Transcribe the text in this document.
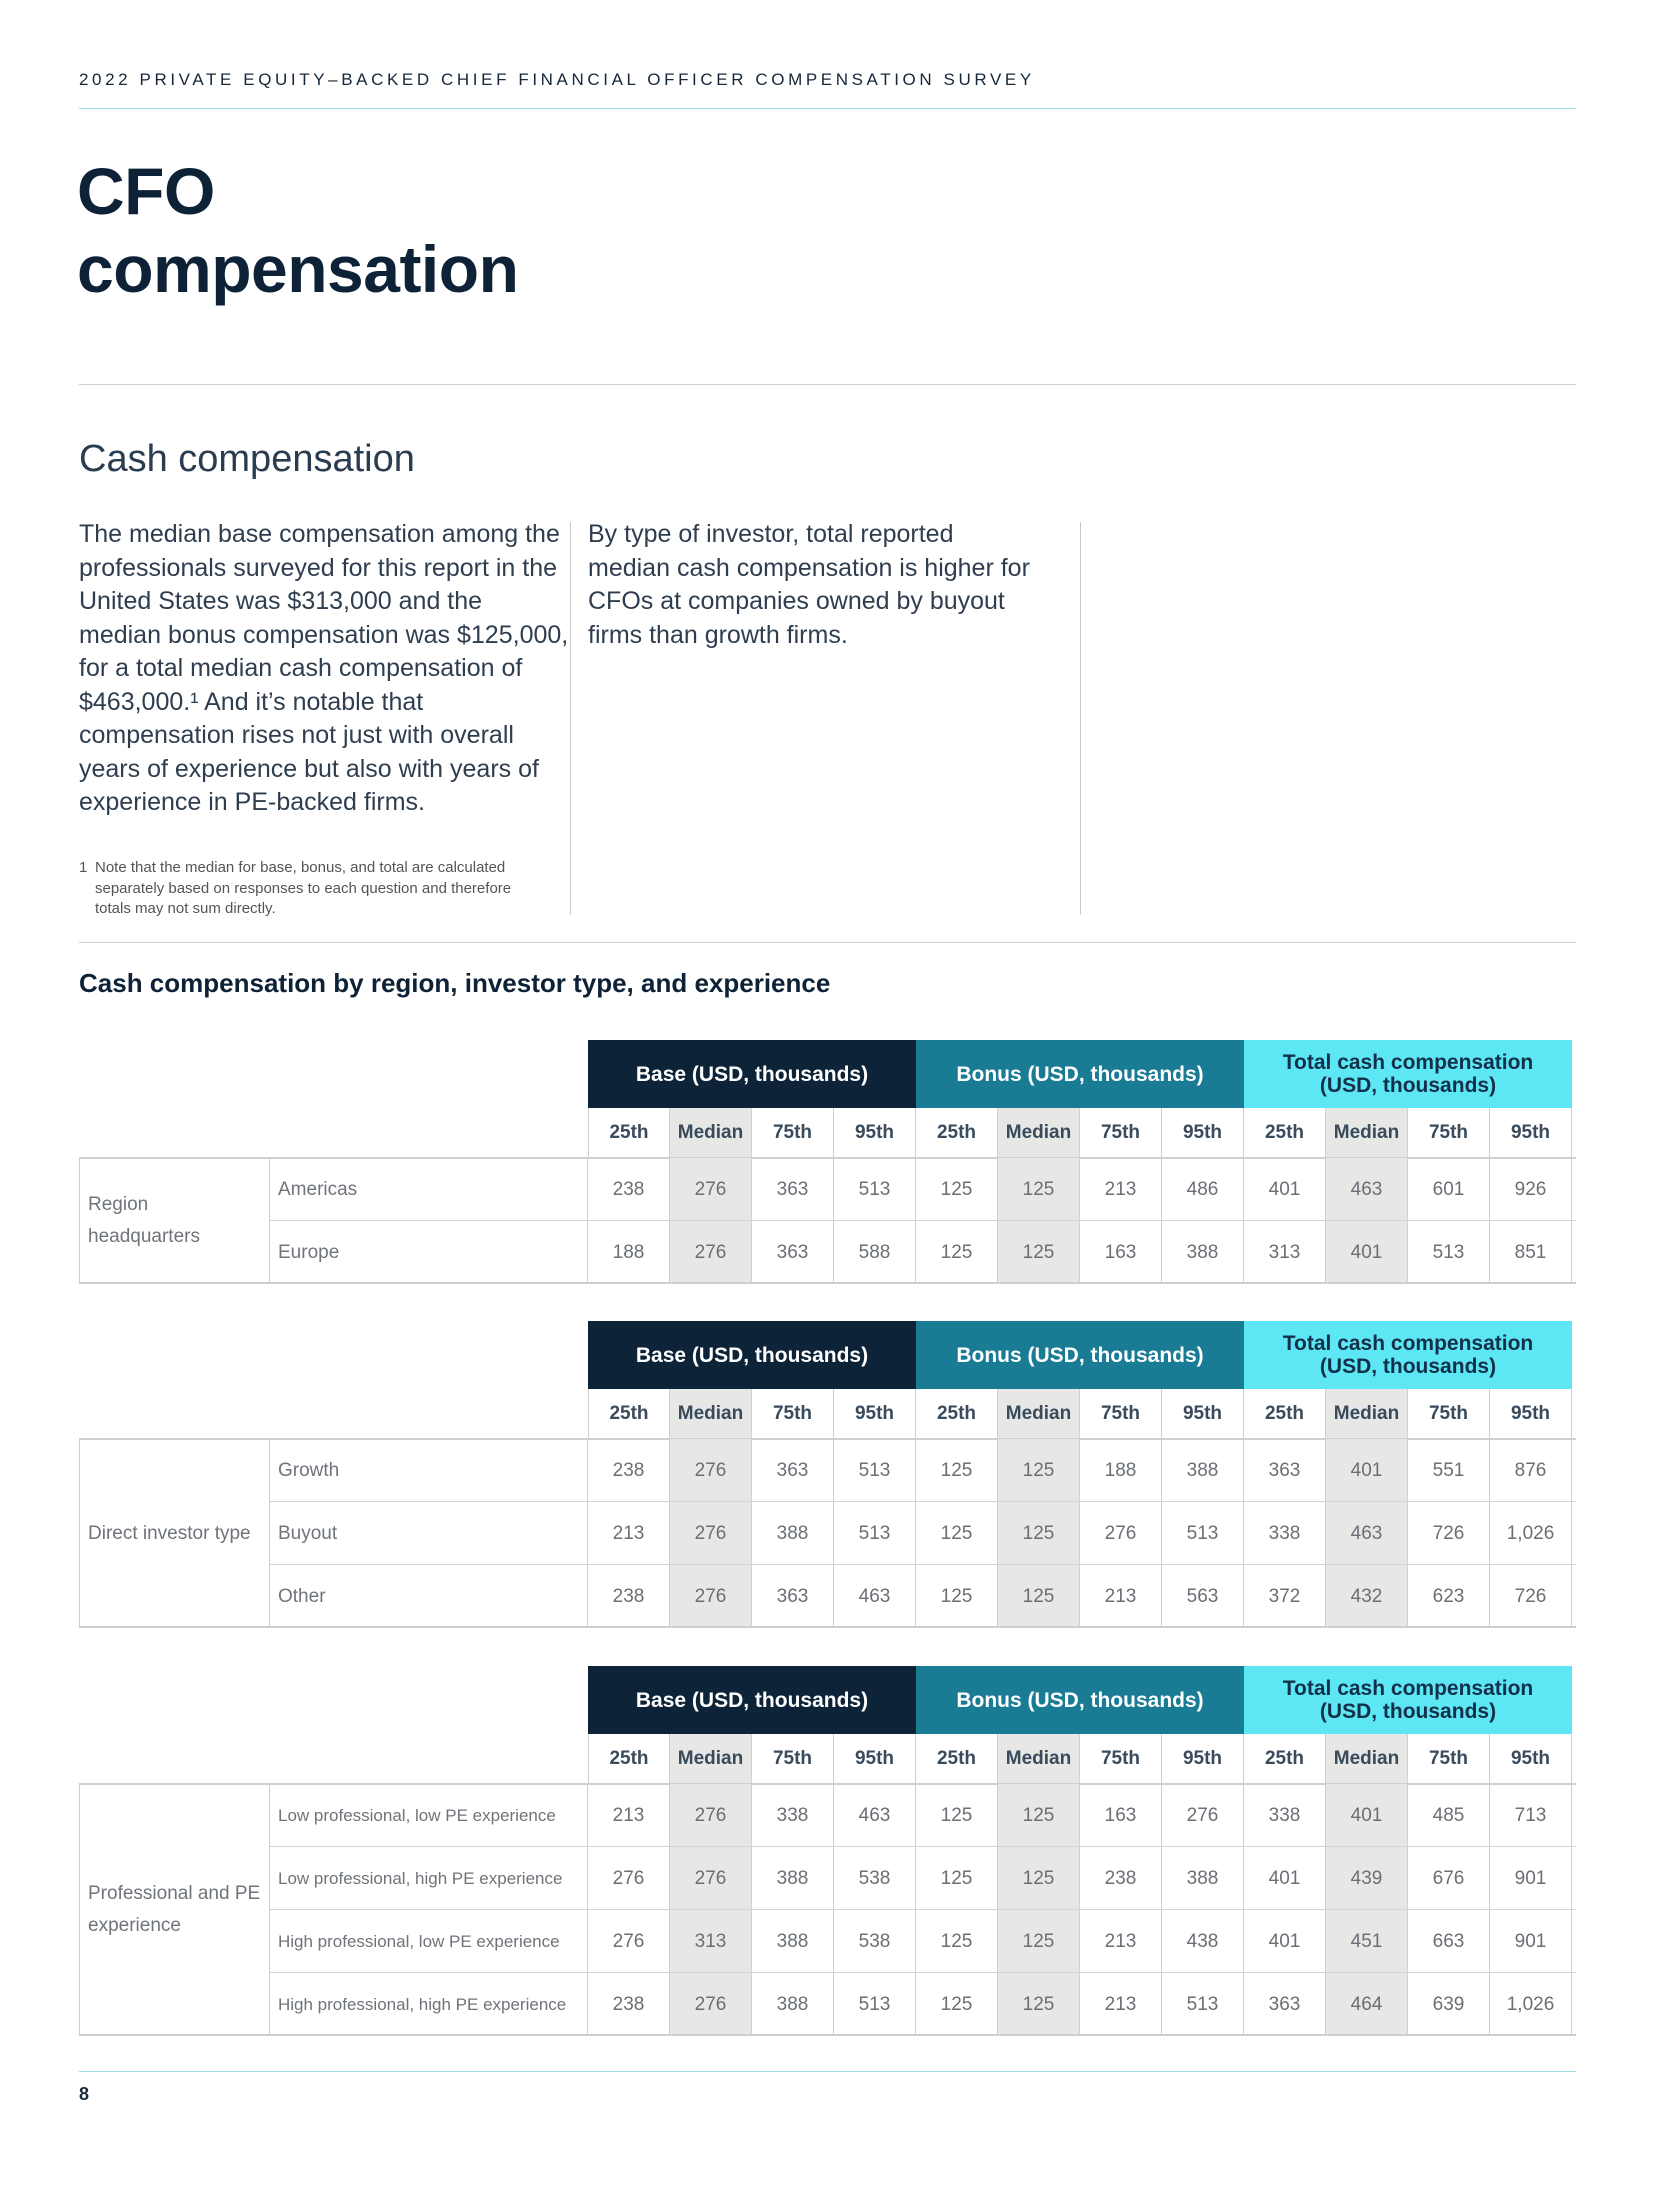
2022 PRIVATE EQUITY–BACKED CHIEF FINANCIAL OFFICER COMPENSATION SURVEY
CFO
compensation
Cash compensation
The median base compensation among the professionals surveyed for this report in the United States was $313,000 and the median bonus compensation was $125,000, for a total median cash compensation of $463,000.¹ And it’s notable that compensation rises not just with overall years of experience but also with years of experience in PE-backed firms.
By type of investor, total reported median cash compensation is higher for CFOs at companies owned by buyout firms than growth firms.
1 Note that the median for base, bonus, and total are calculated separately based on responses to each question and therefore totals may not sum directly.
Cash compensation by region, investor type, and experience
Base (USD, thousands)	Bonus (USD, thousands)	Total cash compensation
(USD, thousands)
25th	Median	75th	95th	25th	Median	75th	95th	25th	Median	75th	95th
Region
headquarters
Americas	238	276	363	513	125	125	213	486	401	463	601	926
Europe	188	276	363	588	125	125	163	388	313	401	513	851
Base (USD, thousands)	Bonus (USD, thousands)	Total cash compensation
(USD, thousands)
25th	Median	75th	95th	25th	Median	75th	95th	25th	Median	75th	95th
Direct investor type
Growth	238	276	363	513	125	125	188	388	363	401	551	876
Buyout	213	276	388	513	125	125	276	513	338	463	726	1,026
Other	238	276	363	463	125	125	213	563	372	432	623	726
Base (USD, thousands)	Bonus (USD, thousands)	Total cash compensation
(USD, thousands)
25th	Median	75th	95th	25th	Median	75th	95th	25th	Median	75th	95th
Professional and PE
experience
Low professional, low PE experience	213	276	338	463	125	125	163	276	338	401	485	713
Low professional, high PE experience	276	276	388	538	125	125	238	388	401	439	676	901
High professional, low PE experience	276	313	388	538	125	125	213	438	401	451	663	901
High professional, high PE experience	238	276	388	513	125	125	213	513	363	464	639	1,026
8
